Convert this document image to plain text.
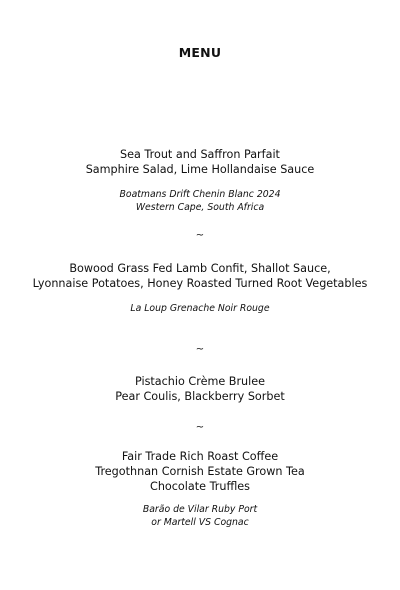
MENU
Sea Trout and Saffron Parfait
Samphire Salad, Lime Hollandaise Sauce
Boatmans Drift Chenin Blanc 2024
Western Cape, South Africa
~
Bowood Grass Fed Lamb Confit, Shallot Sauce,
Lyonnaise Potatoes, Honey Roasted Turned Root Vegetables
La Loup Grenache Noir Rouge
~
Pistachio Crème Brulee
Pear Coulis, Blackberry Sorbet
~
Fair Trade Rich Roast Coffee
Tregothnan Cornish Estate Grown Tea
Chocolate Truffles
Barão de Vilar Ruby Port
or Martell VS Cognac
